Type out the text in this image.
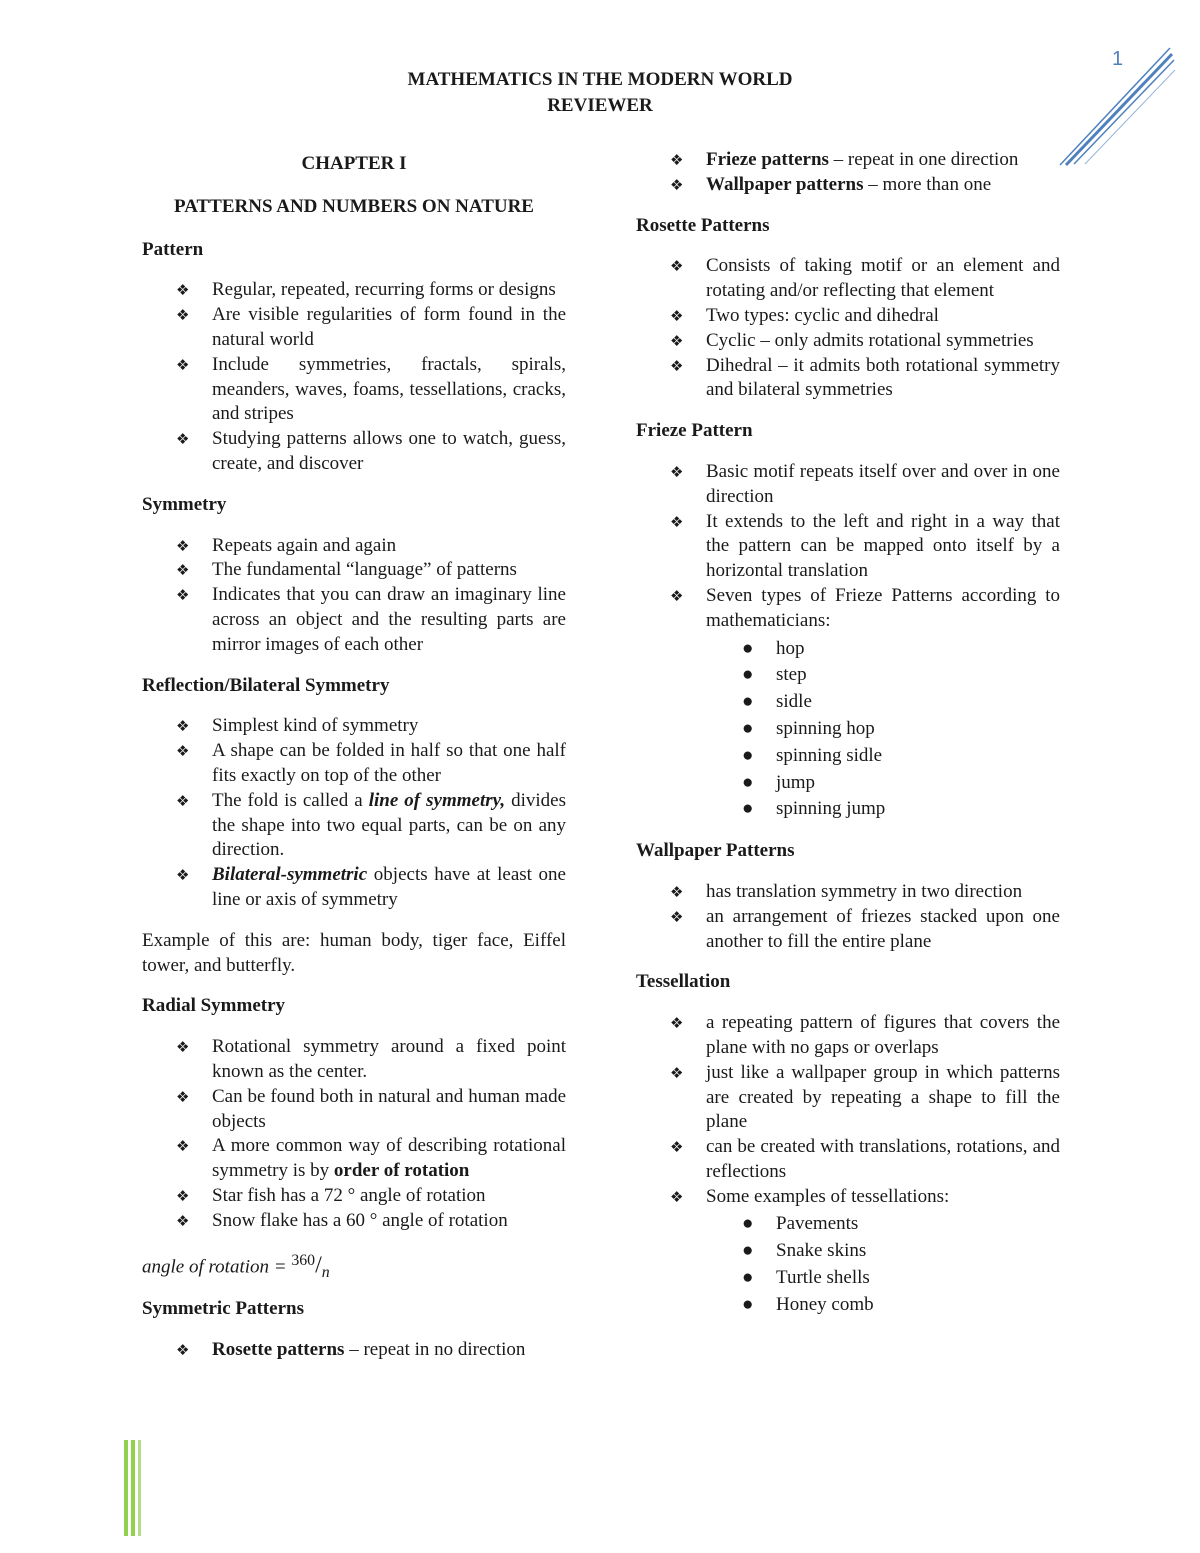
1
MATHEMATICS IN THE MODERN WORLD
REVIEWER
CHAPTER I
PATTERNS AND NUMBERS ON NATURE
Pattern
❖ Regular, repeated, recurring forms or designs
❖ Are visible regularities of form found in the natural world
❖ Include symmetries, fractals, spirals, meanders, waves, foams, tessellations, cracks, and stripes
❖ Studying patterns allows one to watch, guess, create, and discover
Symmetry
❖ Repeats again and again
❖ The fundamental “language” of patterns
❖ Indicates that you can draw an imaginary line across an object and the resulting parts are mirror images of each other
Reflection/Bilateral Symmetry
❖ Simplest kind of symmetry
❖ A shape can be folded in half so that one half fits exactly on top of the other
❖ The fold is called a line of symmetry, divides the shape into two equal parts, can be on any direction.
❖ Bilateral-symmetric objects have at least one line or axis of symmetry

Example of this are: human body, tiger face, Eiffel tower, and butterfly.

Radial Symmetry
❖ Rotational symmetry around a fixed point known as the center.
❖ Can be found both in natural and human made objects
❖ A more common way of describing rotational symmetry is by order of rotation
❖ Star fish has a 72 ° angle of rotation
❖ Snow flake has a 60 ° angle of rotation
angle of rotation = $^{360}/_n$
Symmetric Patterns
❖ Rosette patterns – repeat in no direction
❖ Frieze patterns – repeat in one direction
❖ Wallpaper patterns – more than one
Rosette Patterns
❖ Consists of taking motif or an element and rotating and/or reflecting that element
❖ Two types: cyclic and dihedral
❖ Cyclic – only admits rotational symmetries
❖ Dihedral – it admits both rotational symmetry and bilateral symmetries
Frieze Pattern
❖ Basic motif repeats itself over and over in one direction
❖ It extends to the left and right in a way that the pattern can be mapped onto itself by a horizontal translation
❖ Seven types of Frieze Patterns according to mathematicians:
● hop
● step
● sidle
● spinning hop
● spinning sidle
● jump
● spinning jump
Wallpaper Patterns
❖ has translation symmetry in two direction
❖ an arrangement of friezes stacked upon one another to fill the entire plane
Tessellation
❖ a repeating pattern of figures that covers the plane with no gaps or overlaps
❖ just like a wallpaper group in which patterns are created by repeating a shape to fill the plane
❖ can be created with translations, rotations, and reflections
❖ Some examples of tessellations:
● Pavements
● Snake skins
● Turtle shells
● Honey comb
